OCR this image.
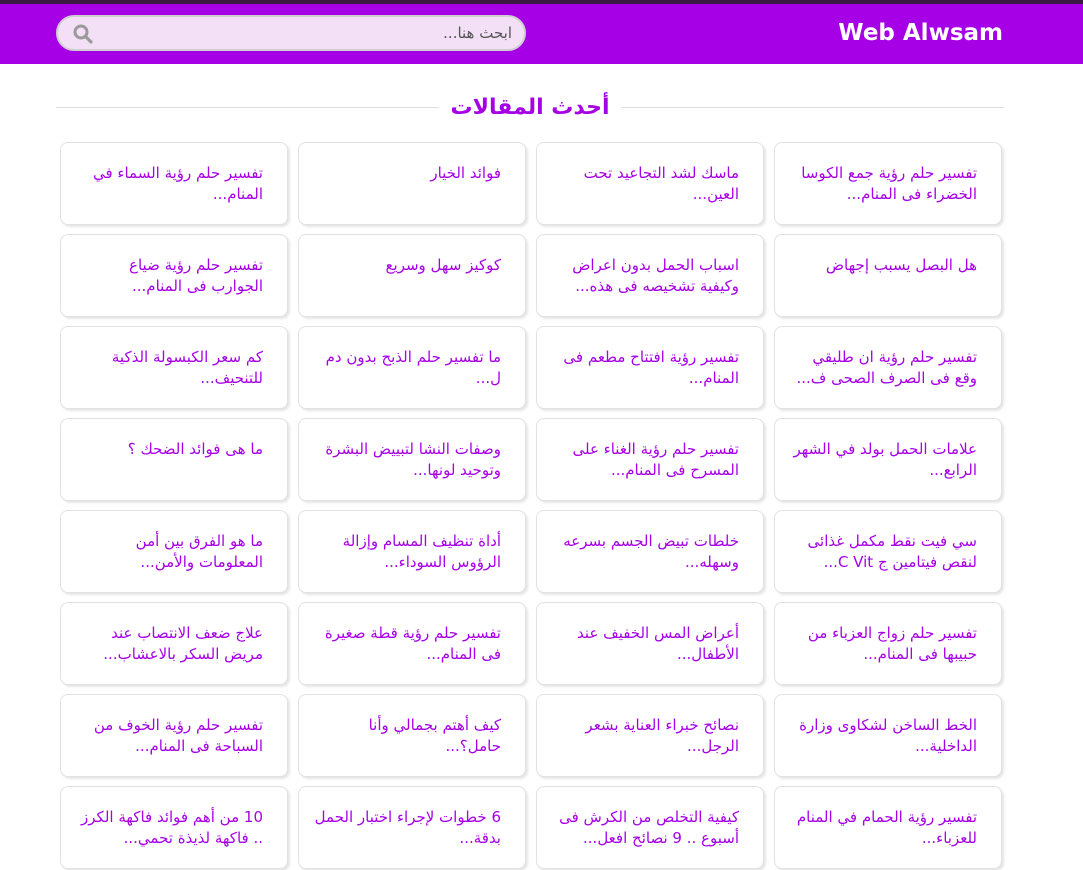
Web Alwsam
ابحث هنا...
أحدث المقالات
تفسير حلم رؤية جمع الكوسا الخضراء فى المنام...
ماسك لشد التجاعيد تحت العين...
فوائد الخيار
تفسير حلم رؤية السماء في المنام...
هل البصل يسبب إجهاض
اسباب الحمل بدون اعراض وكيفية تشخيصه فى هذه...
كوكيز سهل وسريع
تفسير حلم رؤية ضياع الجوارب فى المنام...
تفسير حلم رؤية ان طليقي وقع فى الصرف الصحى ف...
تفسير رؤية افتتاح مطعم فى المنام...
ما تفسير حلم الذبح بدون دم ل...
كم سعر الكبسولة الذكية للتنحيف...
علامات الحمل بولد في الشهر الرابع...
تفسير حلم رؤية الغناء على المسرح فى المنام...
وصفات النشا لتبييض البشرة وتوحيد لونها...
ما هى فوائد الضحك ؟
سي فيت نقط مكمل غذائى لنقص فيتامين ج C Vit...
خلطات تبيض الجسم بسرعه وسهله...
أداة تنظيف المسام وإزالة الرؤوس السوداء...
ما هو الفرق بين أمن المعلومات والأمن...
تفسير حلم زواج العزباء من حبيبها فى المنام...
أعراض المس الخفيف عند الأطفال...
تفسير حلم رؤية قطة صغيرة فى المنام...
علاج ضعف الانتصاب عند مريض السكر بالاعشاب...
الخط الساخن لشكاوى وزارة الداخلية...
نصائح خبراء العناية بشعر الرجل...
كيف أهتم بجمالي وأنا حامل؟...
تفسير حلم رؤية الخوف من السباحة فى المنام...
تفسير رؤية الحمام في المنام للعزباء...
كيفية التخلص من الكرش فى أسبوع .. 9 نصائح افعل...
6 خطوات لإجراء اختبار الحمل بدقة...
10 من أهم فوائد فاكهة الكرز .. فاكهة لذيذة تحمي...
